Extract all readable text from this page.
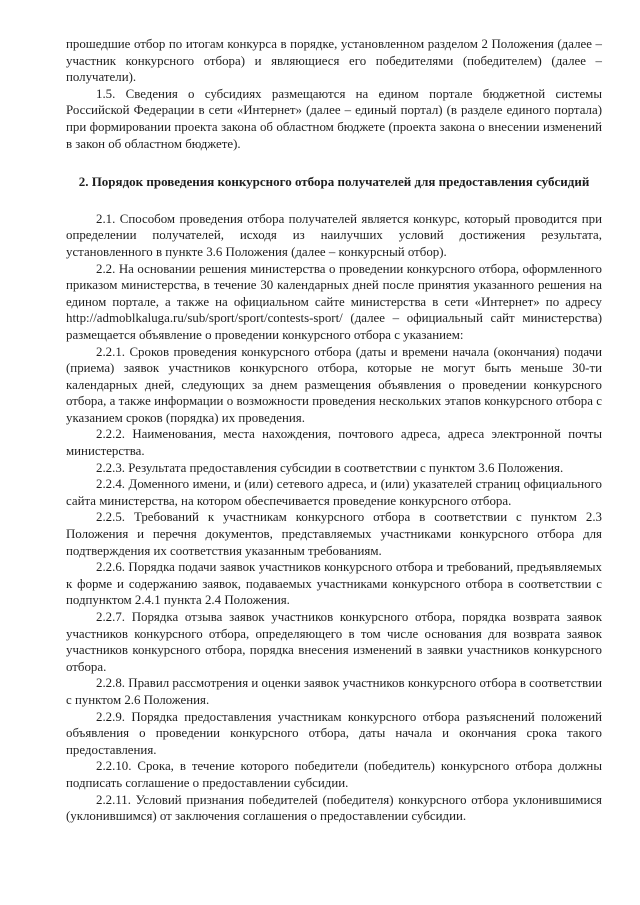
прошедшие отбор по итогам конкурса в порядке, установленном разделом 2 Положения (далее – участник конкурсного отбора) и являющиеся его победителями (победителем) (далее – получатели).

1.5. Сведения о субсидиях размещаются на едином портале бюджетной системы Российской Федерации в сети «Интернет» (далее – единый портал) (в разделе единого портала) при формировании проекта закона об областном бюджете (проекта закона о внесении изменений в закон об областном бюджете).

2. Порядок проведения конкурсного отбора получателей для предоставления субсидий

2.1. Способом проведения отбора получателей является конкурс, который проводится при определении получателей, исходя из наилучших условий достижения результата, установленного в пункте 3.6 Положения (далее – конкурсный отбор).

2.2. На основании решения министерства о проведении конкурсного отбора, оформленного приказом министерства, в течение 30 календарных дней после принятия указанного решения на едином портале, а также на официальном сайте министерства в сети «Интернет» по адресу http://admoblkaluga.ru/sub/sport/sport/contests-sport/ (далее – официальный сайт министерства) размещается объявление о проведении конкурсного отбора с указанием:

2.2.1. Сроков проведения конкурсного отбора (даты и времени начала (окончания) подачи (приема) заявок участников конкурсного отбора, которые не могут быть меньше 30-ти календарных дней, следующих за днем размещения объявления о проведении конкурсного отбора, а также информации о возможности проведения нескольких этапов конкурсного отбора с указанием сроков (порядка) их проведения.

2.2.2. Наименования, места нахождения, почтового адреса, адреса электронной почты министерства.

2.2.3. Результата предоставления субсидии в соответствии с пунктом 3.6 Положения.

2.2.4. Доменного имени, и (или) сетевого адреса, и (или) указателей страниц официального сайта министерства, на котором обеспечивается проведение конкурсного отбора.

2.2.5. Требований к участникам конкурсного отбора в соответствии с пунктом 2.3 Положения и перечня документов, представляемых участниками конкурсного отбора для подтверждения их соответствия указанным требованиям.

2.2.6. Порядка подачи заявок участников конкурсного отбора и требований, предъявляемых к форме и содержанию заявок, подаваемых участниками конкурсного отбора в соответствии с подпунктом 2.4.1 пункта 2.4 Положения.

2.2.7. Порядка отзыва заявок участников конкурсного отбора, порядка возврата заявок участников конкурсного отбора, определяющего в том числе основания для возврата заявок участников конкурсного отбора, порядка внесения изменений в заявки участников конкурсного отбора.

2.2.8. Правил рассмотрения и оценки заявок участников конкурсного отбора в соответствии с пунктом 2.6 Положения.

2.2.9. Порядка предоставления участникам конкурсного отбора разъяснений положений объявления о проведении конкурсного отбора, даты начала и окончания срока такого предоставления.

2.2.10. Срока, в течение которого победители (победитель) конкурсного отбора должны подписать соглашение о предоставлении субсидии.

2.2.11. Условий признания победителей (победителя) конкурсного отбора уклонившимися (уклонившимся) от заключения соглашения о предоставлении субсидии.
